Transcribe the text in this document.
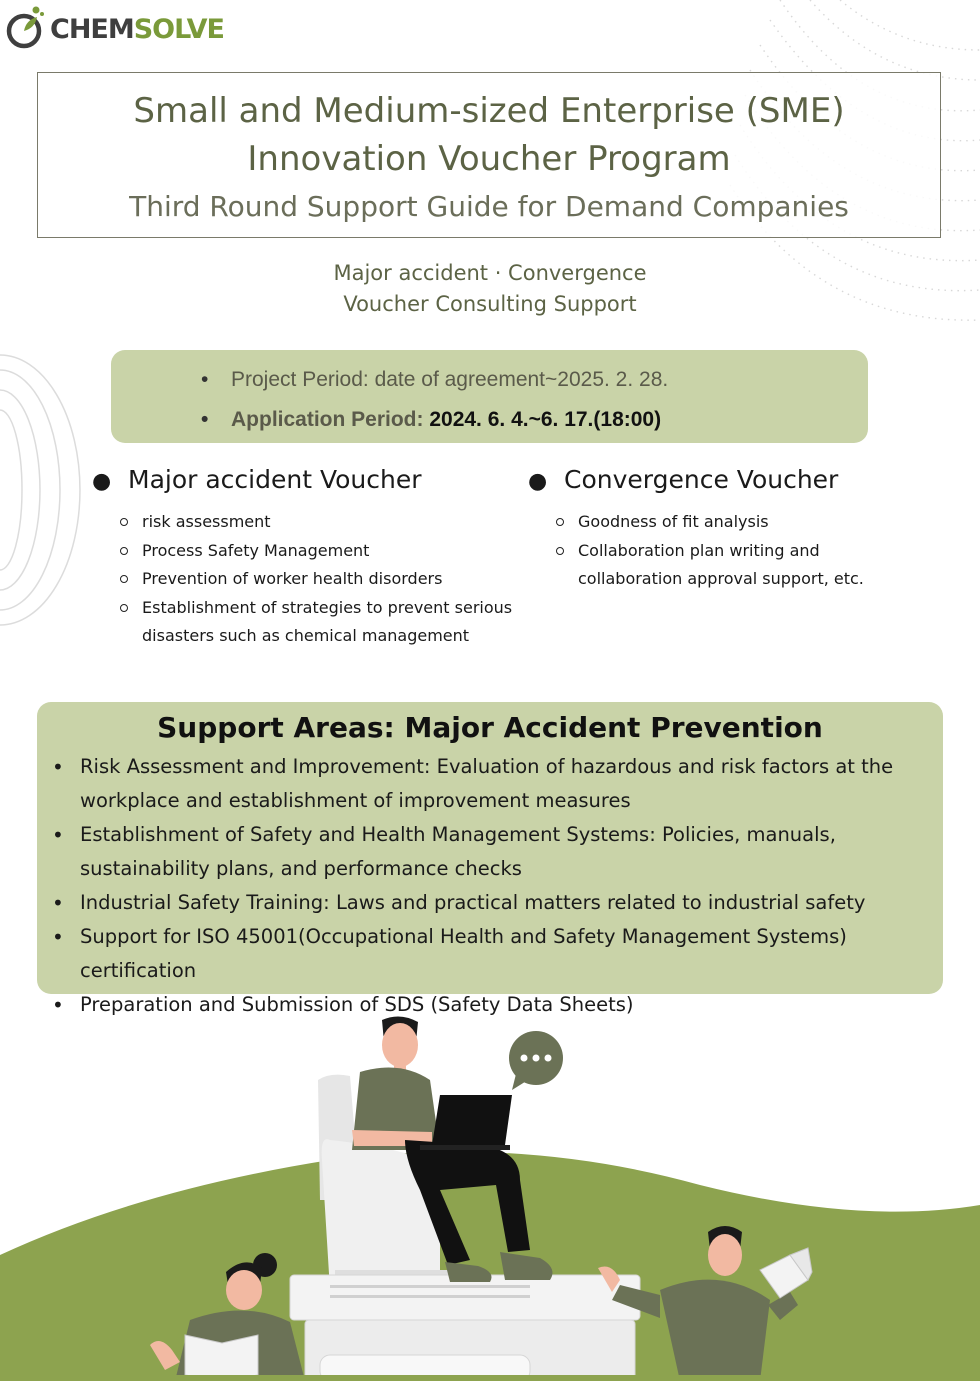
CHEMSOLVE
Small and Medium-sized Enterprise (SME)
Innovation Voucher Program
Third Round Support Guide for Demand Companies
Major accident · Convergence
Voucher Consulting Support
• Project Period: date of agreement~2025. 2. 28.
• Application Period: 2024. 6. 4.~6. 17.(18:00)
● Major accident Voucher
risk assessment
Process Safety Management
Prevention of worker health disorders
Establishment of strategies to prevent serious disasters such as chemical management
● Convergence Voucher
Goodness of fit analysis
Collaboration plan writing and collaboration approval support, etc.
Support Areas: Major Accident Prevention
• Risk Assessment and Improvement: Evaluation of hazardous and risk factors at the workplace and establishment of improvement measures
• Establishment of Safety and Health Management Systems: Policies, manuals, sustainability plans, and performance checks
• Industrial Safety Training: Laws and practical matters related to industrial safety
• Support for ISO 45001(Occupational Health and Safety Management Systems) certification
• Preparation and Submission of SDS (Safety Data Sheets)
